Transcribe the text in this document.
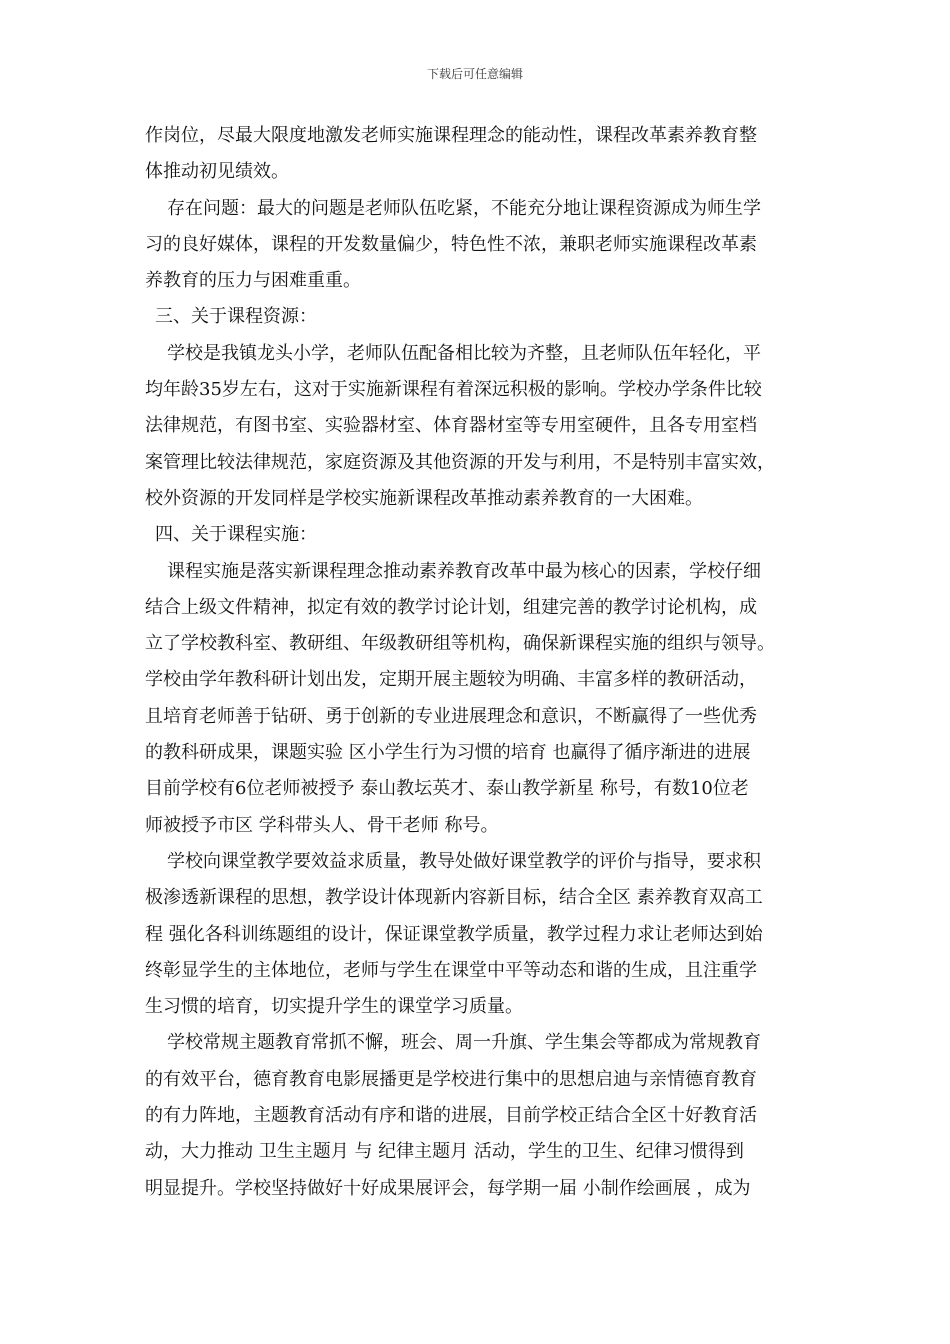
下载后可任意编辑
作岗位，尽最大限度地激发老师实施课程理念的能动性，课程改革素养教育整
体推动初见绩效。
存在问题：最大的问题是老师队伍吃紧，不能充分地让课程资源成为师生学
习的良好媒体，课程的开发数量偏少，特色性不浓，兼职老师实施课程改革素
养教育的压力与困难重重。
三、关于课程资源：
学校是我镇龙头小学，老师队伍配备相比较为齐整，且老师队伍年轻化，平
均年龄35岁左右，这对于实施新课程有着深远积极的影响。学校办学条件比较
法律规范，有图书室、实验器材室、体育器材室等专用室硬件，且各专用室档
案管理比较法律规范，家庭资源及其他资源的开发与利用，不是特别丰富实效，
校外资源的开发同样是学校实施新课程改革推动素养教育的一大困难。
四、关于课程实施：
课程实施是落实新课程理念推动素养教育改革中最为核心的因素，学校仔细
结合上级文件精神，拟定有效的教学讨论计划，组建完善的教学讨论机构，成
立了学校教科室、教研组、年级教研组等机构，确保新课程实施的组织与领导。
学校由学年教科研计划出发，定期开展主题较为明确、丰富多样的教研活动，
且培育老师善于钻研、勇于创新的专业进展理念和意识，不断赢得了一些优秀
的教科研成果，课题实验 区小学生行为习惯的培育 也赢得了循序渐进的进展
目前学校有6位老师被授予 泰山教坛英才、泰山教学新星 称号，有数10位老
师被授予市区 学科带头人、骨干老师 称号。
学校向课堂教学要效益求质量，教导处做好课堂教学的评价与指导，要求积
极渗透新课程的思想，教学设计体现新内容新目标，结合全区 素养教育双高工
程 强化各科训练题组的设计，保证课堂教学质量，教学过程力求让老师达到始
终彰显学生的主体地位，老师与学生在课堂中平等动态和谐的生成，且注重学
生习惯的培育，切实提升学生的课堂学习质量。
学校常规主题教育常抓不懈，班会、周一升旗、学生集会等都成为常规教育
的有效平台，德育教育电影展播更是学校进行集中的思想启迪与亲情德育教育
的有力阵地，主题教育活动有序和谐的进展，目前学校正结合全区十好教育活
动，大力推动 卫生主题月 与 纪律主题月 活动，学生的卫生、纪律习惯得到
明显提升。学校坚持做好十好成果展评会，每学期一届 小制作绘画展 ，成为
